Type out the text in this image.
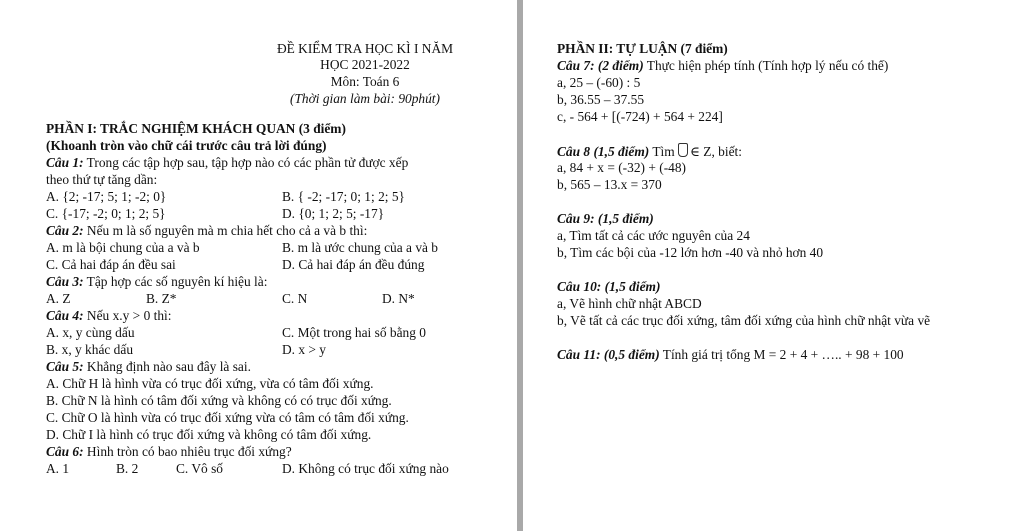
ĐỀ KIỂM TRA HỌC KÌ I NĂM
HỌC 2021-2022
Môn: Toán 6
(Thời gian làm bài: 90phút)
PHẦN I: TRẮC NGHIỆM KHÁCH QUAN (3 điểm)
(Khoanh tròn vào chữ cái trước câu trả lời đúng)
Câu 1: Trong các tập hợp sau, tập hợp nào có các phần tử được xếp
theo thứ tự tăng dần:
A. {2; -17; 5; 1; -2; 0}	B. { -2; -17; 0; 1; 2; 5}
C. {-17; -2; 0; 1; 2; 5}	D. {0; 1; 2; 5; -17}
Câu 2: Nếu m là số nguyên mà m chia hết cho cả a và b thì:
A. m là bội chung của a và b	B. m là ước chung của a và b
C. Cả hai đáp án đều sai	D. Cả hai đáp án đều đúng
Câu 3: Tập hợp các số nguyên kí hiệu là:
A. Z	B. Z*	C. N	D. N*
Câu 4: Nếu x.y > 0 thì:
A. x, y cùng dấu	C. Một trong hai số bằng 0
B. x, y khác dấu	D. x > y
Câu 5: Khẳng định nào sau đây là sai.
A. Chữ H là hình vừa có trục đối xứng, vừa có tâm đối xứng.
B. Chữ N là hình có tâm đối xứng và không có có trục đối xứng.
C. Chữ O là hình vừa có trục đối xứng vừa có tâm có tâm đối xứng.
D. Chữ I là hình có trục đối xứng và không có tâm đối xứng.
Câu 6: Hình tròn có bao nhiêu trục đối xứng?
A. 1	B. 2	C. Vô số	D. Không có trục đối xứng nào
PHẦN II: TỰ LUẬN (7 điểm)
Câu 7: (2 điểm) Thực hiện phép tính (Tính hợp lý nếu có thể)
a, 25 – (-60) : 5
b, 36.55 – 37.55
c, - 564 + [(-724) + 564 + 224]
Câu 8 (1,5 điểm) Tìm ∈ Z, biết:
a, 84 + x = (-32) + (-48)
b, 565 – 13.x = 370
Câu 9: (1,5 điểm)
a, Tìm tất cả các ước nguyên của 24
b, Tìm các bội của -12 lớn hơn -40 và nhỏ hơn 40
Câu 10: (1,5 điểm)
a, Vẽ hình chữ nhật ABCD
b, Vẽ tất cả các trục đối xứng, tâm đối xứng của hình chữ nhật vừa vẽ
Câu 11: (0,5 điểm) Tính giá trị tổng M = 2 + 4 + ….. + 98 + 100
